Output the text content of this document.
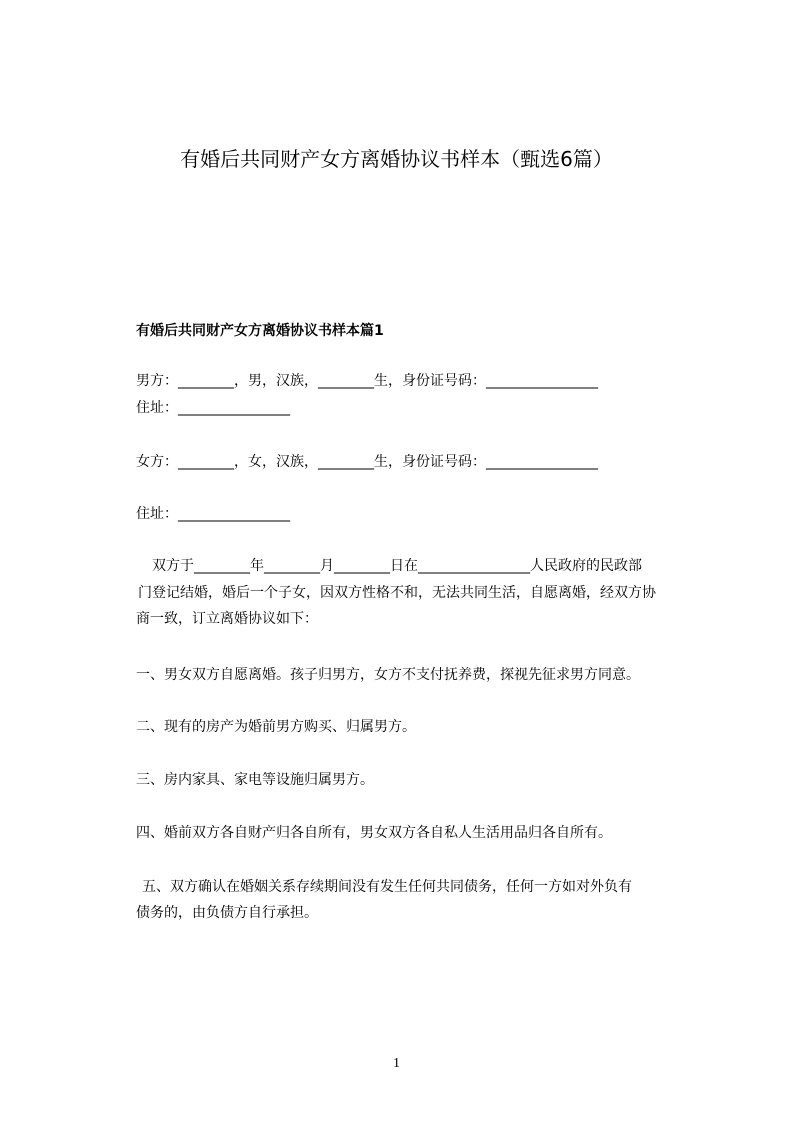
有婚后共同财产女方离婚协议书样本（甄选6篇）
有婚后共同财产女方离婚协议书样本篇1
男方：________，男，汉族，________生，身份证号码：________________
住址：________________
女方：________，女，汉族，________生，身份证号码：________________
住址：________________
　双方于________年________月________日在________________人民政府的民政部
门登记结婚，婚后一个子女，因双方性格不和，无法共同生活，自愿离婚，经双方协
商一致，订立离婚协议如下：
一、男女双方自愿离婚。孩子归男方，女方不支付抚养费，探视先征求男方同意。
二、现有的房产为婚前男方购买、归属男方。
三、房内家具、家电等设施归属男方。
四、婚前双方各自财产归各自所有，男女双方各自私人生活用品归各自所有。
　五、双方确认在婚姻关系存续期间没有发生任何共同债务，任何一方如对外负有
债务的，由负债方自行承担。
1
